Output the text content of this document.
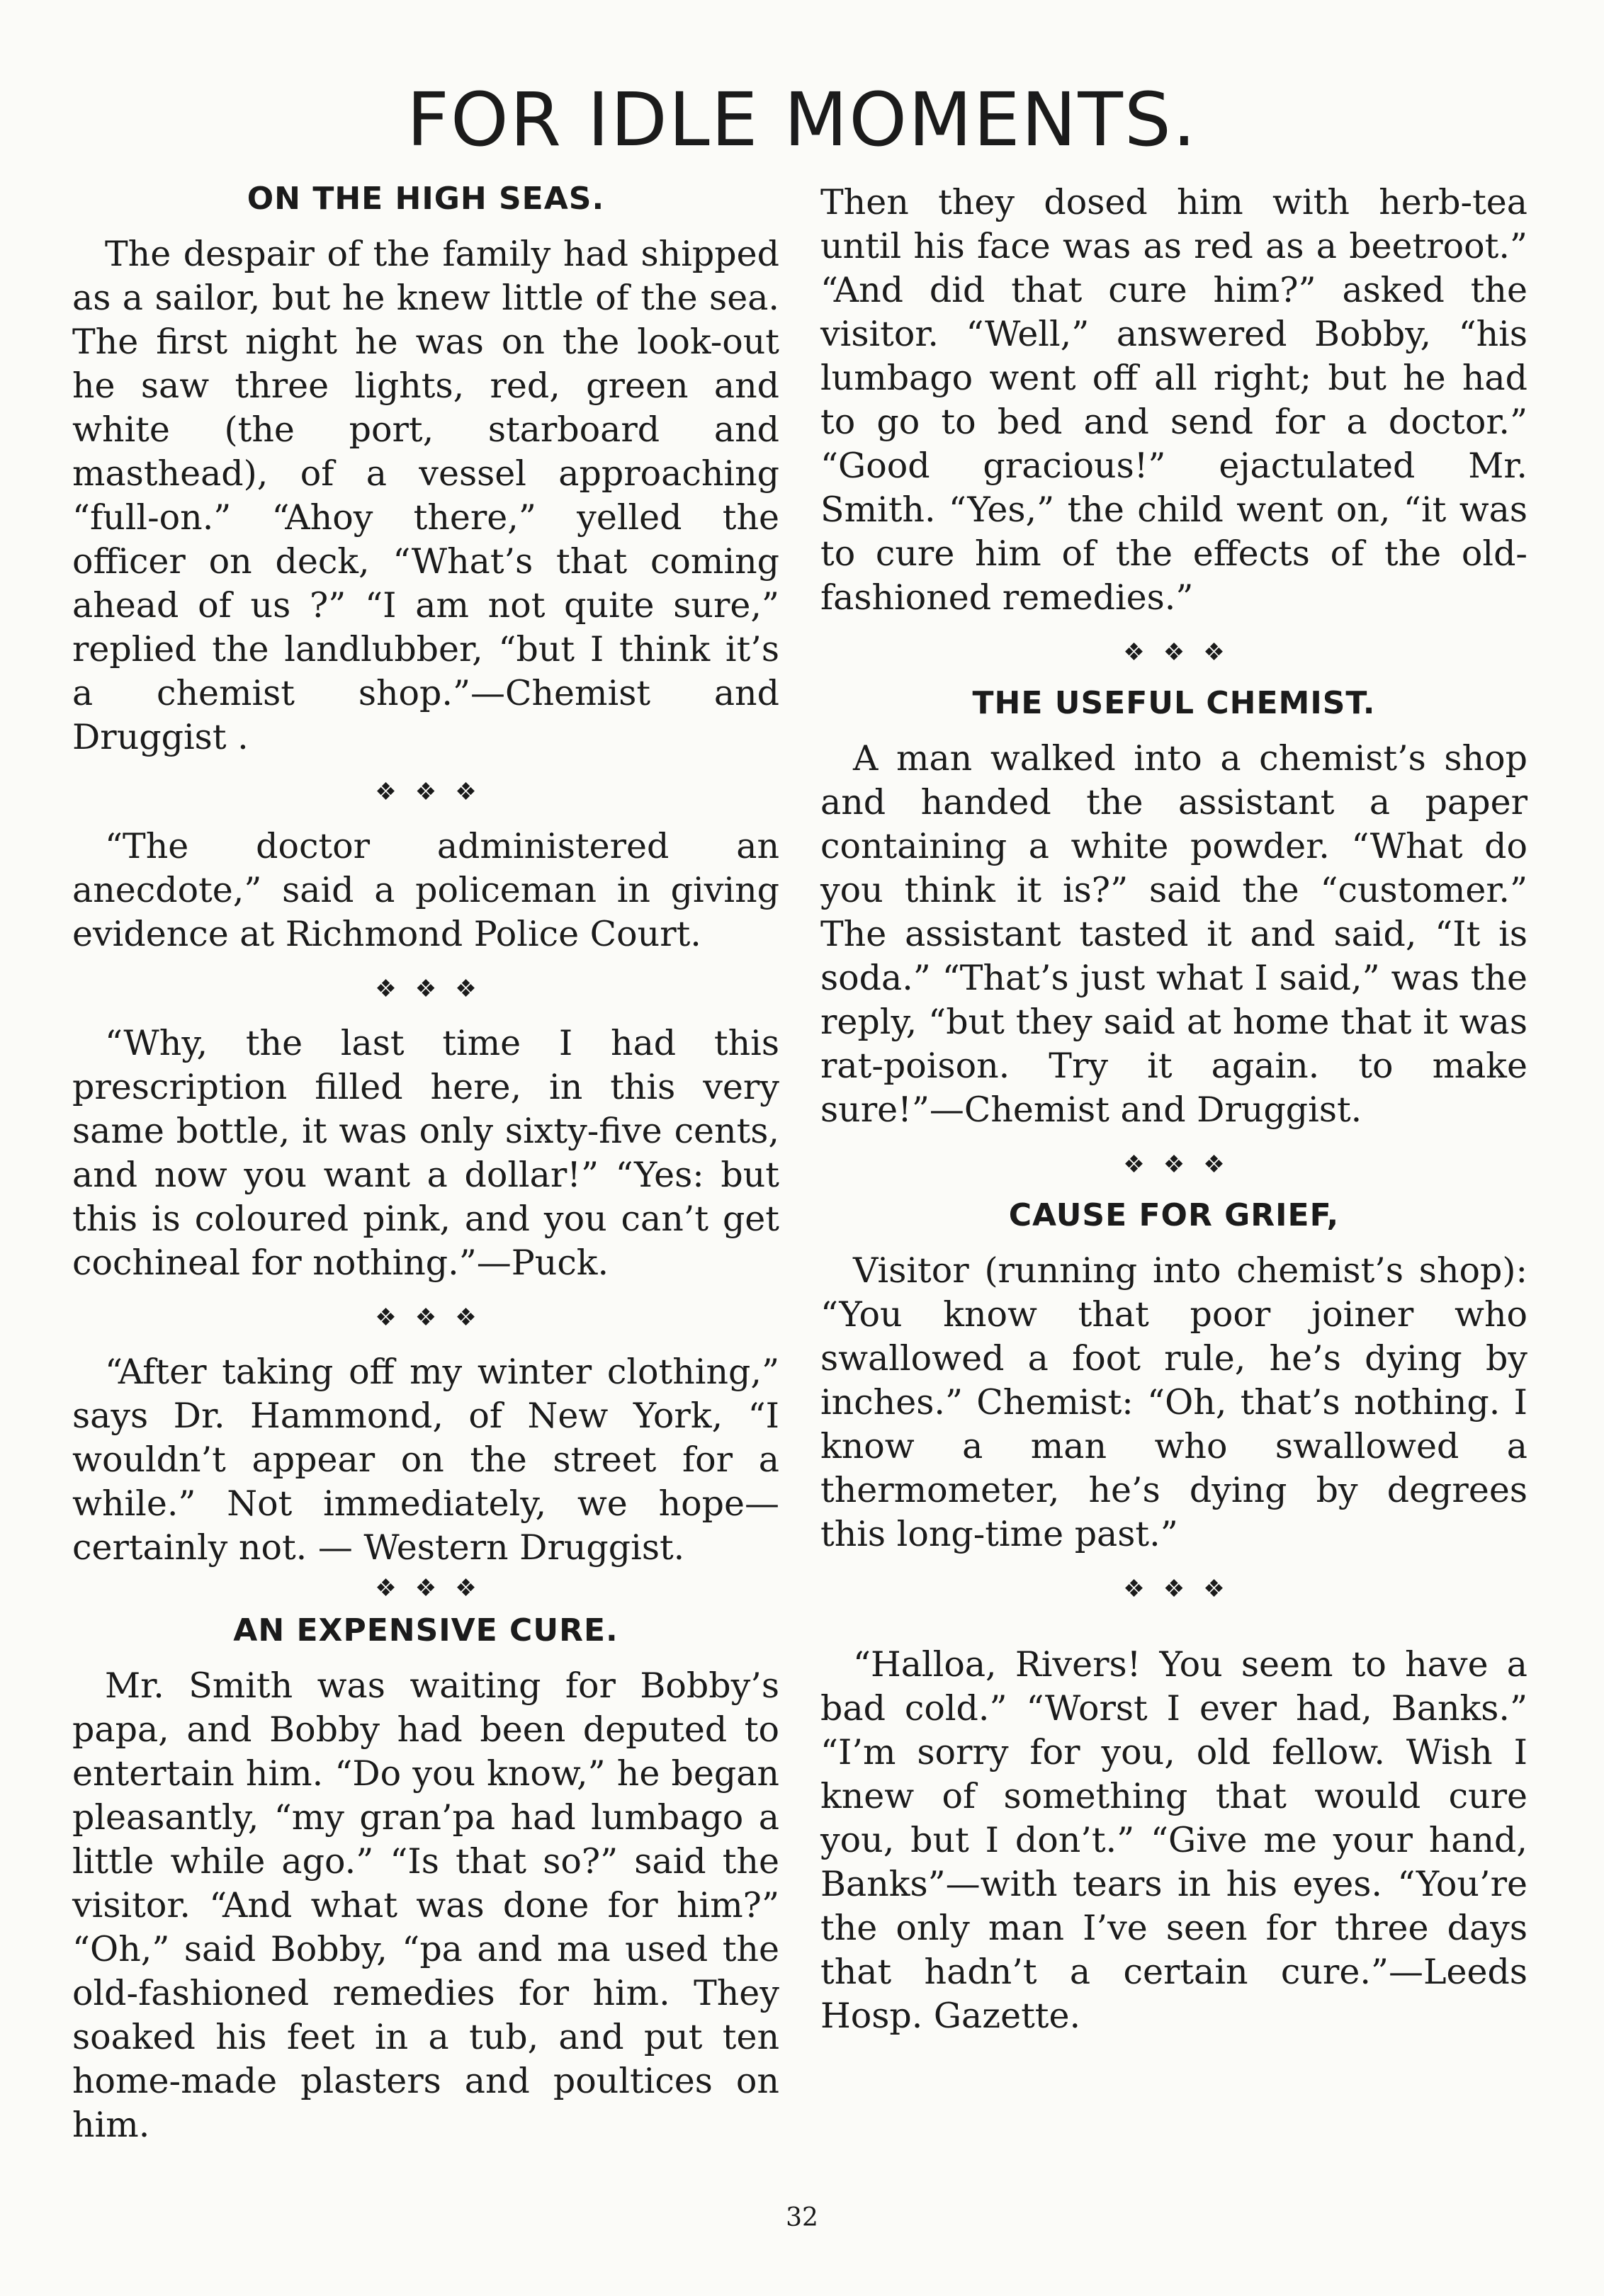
FOR IDLE MOMENTS.
ON THE HIGH SEAS.

The despair of the family had shipped as a sailor, but he knew little of the sea. The first night he was on the look-out he saw three lights, red, green and white (the port, starboard and masthead), of a vessel approaching “full-on.” “Ahoy there,” yelled the officer on deck, “What’s that coming ahead of us ?” “I am not quite sure,” replied the landlubber, “but I think it’s a chemist shop.”—Chemist and Druggist .

❖❖❖

“The doctor administered an anecdote,” said a policeman in giving evidence at Richmond Police Court.

❖❖❖

“Why, the last time I had this prescription filled here, in this very same bottle, it was only sixty-five cents, and now you want a dollar!” “Yes: but this is coloured pink, and you can’t get cochineal for nothing.”—Puck.

❖❖❖

“After taking off my winter clothing,” says Dr. Hammond, of New York, “I wouldn’t appear on the street for a while.” Not immediately, we hope—certainly not. — Western Druggist.

❖❖❖
AN EXPENSIVE CURE.

Mr. Smith was waiting for Bobby’s papa, and Bobby had been deputed to entertain him. “Do you know,” he began pleasantly, “my gran’pa had lumbago a little while ago.” “Is that so?” said the visitor. “And what was done for him?” “Oh,” said Bobby, “pa and ma used the old-fashioned remedies for him. They soaked his feet in a tub, and put ten home-made plasters and poultices on him.

Then they dosed him with herb-tea until his face was as red as a beetroot.” “And did that cure him?” asked the visitor. “Well,” answered Bobby, “his lumbago went off all right; but he had to go to bed and send for a doctor.” “Good gracious!” ejactulated Mr. Smith. “Yes,” the child went on, “it was to cure him of the effects of the old-fashioned remedies.”

❖❖❖
THE USEFUL CHEMIST.

A man walked into a chemist’s shop and handed the assistant a paper containing a white powder. “What do you think it is?” said the “customer.” The assistant tasted it and said, “It is soda.” “That’s just what I said,” was the reply, “but they said at home that it was rat-poison. Try it again. to make sure!”—Chemist and Druggist.

❖❖❖
CAUSE FOR GRIEF,

Visitor (running into chemist’s shop): “You know that poor joiner who swallowed a foot rule, he’s dying by inches.” Chemist: “Oh, that’s nothing. I know a man who swallowed a thermometer, he’s dying by degrees this long-time past.”

❖❖❖

“Halloa, Rivers! You seem to have a bad cold.” “Worst I ever had, Banks.” “I’m sorry for you, old fellow. Wish I knew of something that would cure you, but I don’t.” “Give me your hand, Banks”—with tears in his eyes. “You’re the only man I’ve seen for three days that hadn’t a certain cure.”—Leeds Hosp. Gazette.

32
